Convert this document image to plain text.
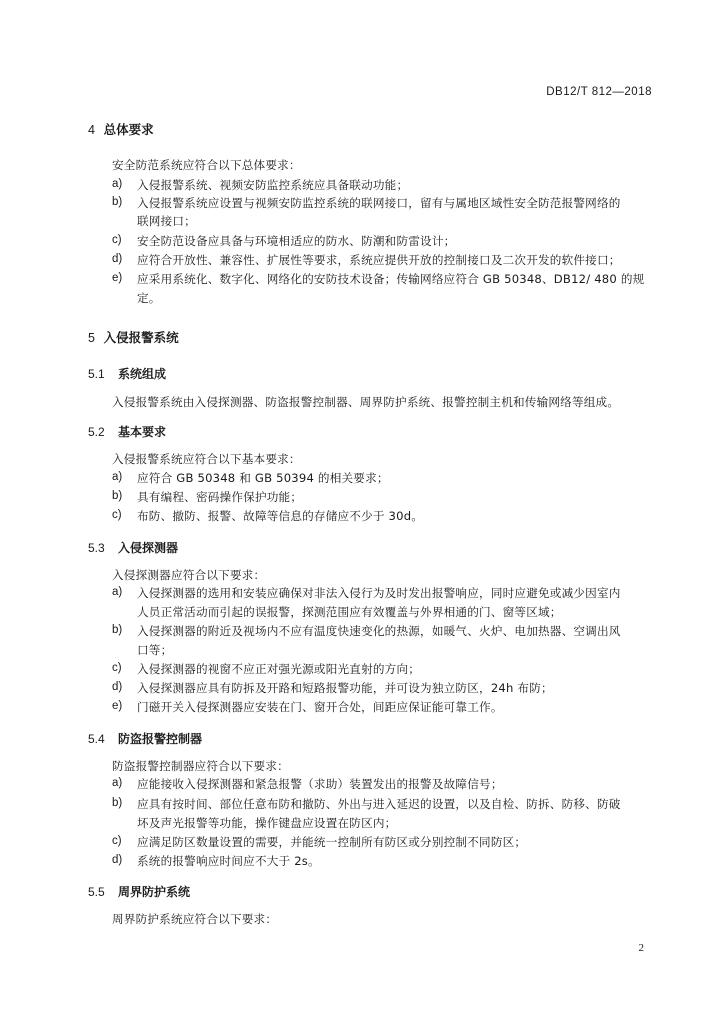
DB12/T 812—2018
4 总体要求
安全防范系统应符合以下总体要求：
a) 入侵报警系统、视频安防监控系统应具备联动功能；
b) 入侵报警系统应设置与视频安防监控系统的联网接口，留有与属地区域性安全防范报警网络的
联网接口；
c) 安全防范设备应具备与环境相适应的防水、防潮和防雷设计；
d) 应符合开放性、兼容性、扩展性等要求，系统应提供开放的控制接口及二次开发的软件接口；
e) 应采用系统化、数字化、网络化的安防技术设备；传输网络应符合 GB 50348、DB12/ 480 的规
定。
5 入侵报警系统
5.1 系统组成
入侵报警系统由入侵探测器、防盗报警控制器、周界防护系统、报警控制主机和传输网络等组成。
5.2 基本要求
入侵报警系统应符合以下基本要求：
a) 应符合 GB 50348 和 GB 50394 的相关要求；
b) 具有编程、密码操作保护功能；
c) 布防、撤防、报警、故障等信息的存储应不少于 30d。
5.3 入侵探测器
入侵探测器应符合以下要求：
a) 入侵探测器的选用和安装应确保对非法入侵行为及时发出报警响应，同时应避免或减少因室内
人员正常活动而引起的误报警，探测范围应有效覆盖与外界相通的门、窗等区域；
b) 入侵探测器的附近及视场内不应有温度快速变化的热源，如暖气、火炉、电加热器、空调出风
口等；
c) 入侵探测器的视窗不应正对强光源或阳光直射的方向；
d) 入侵探测器应具有防拆及开路和短路报警功能，并可设为独立防区，24h 布防；
e) 门磁开关入侵探测器应安装在门、窗开合处，间距应保证能可靠工作。
5.4 防盗报警控制器
防盗报警控制器应符合以下要求：
a) 应能接收入侵探测器和紧急报警（求助）装置发出的报警及故障信号；
b) 应具有按时间、部位任意布防和撤防、外出与进入延迟的设置，以及自检、防拆、防移、防破
坏及声光报警等功能，操作键盘应设置在防区内；
c) 应满足防区数量设置的需要，并能统一控制所有防区或分别控制不同防区；
d) 系统的报警响应时间应不大于 2s。
5.5 周界防护系统
周界防护系统应符合以下要求：
2
